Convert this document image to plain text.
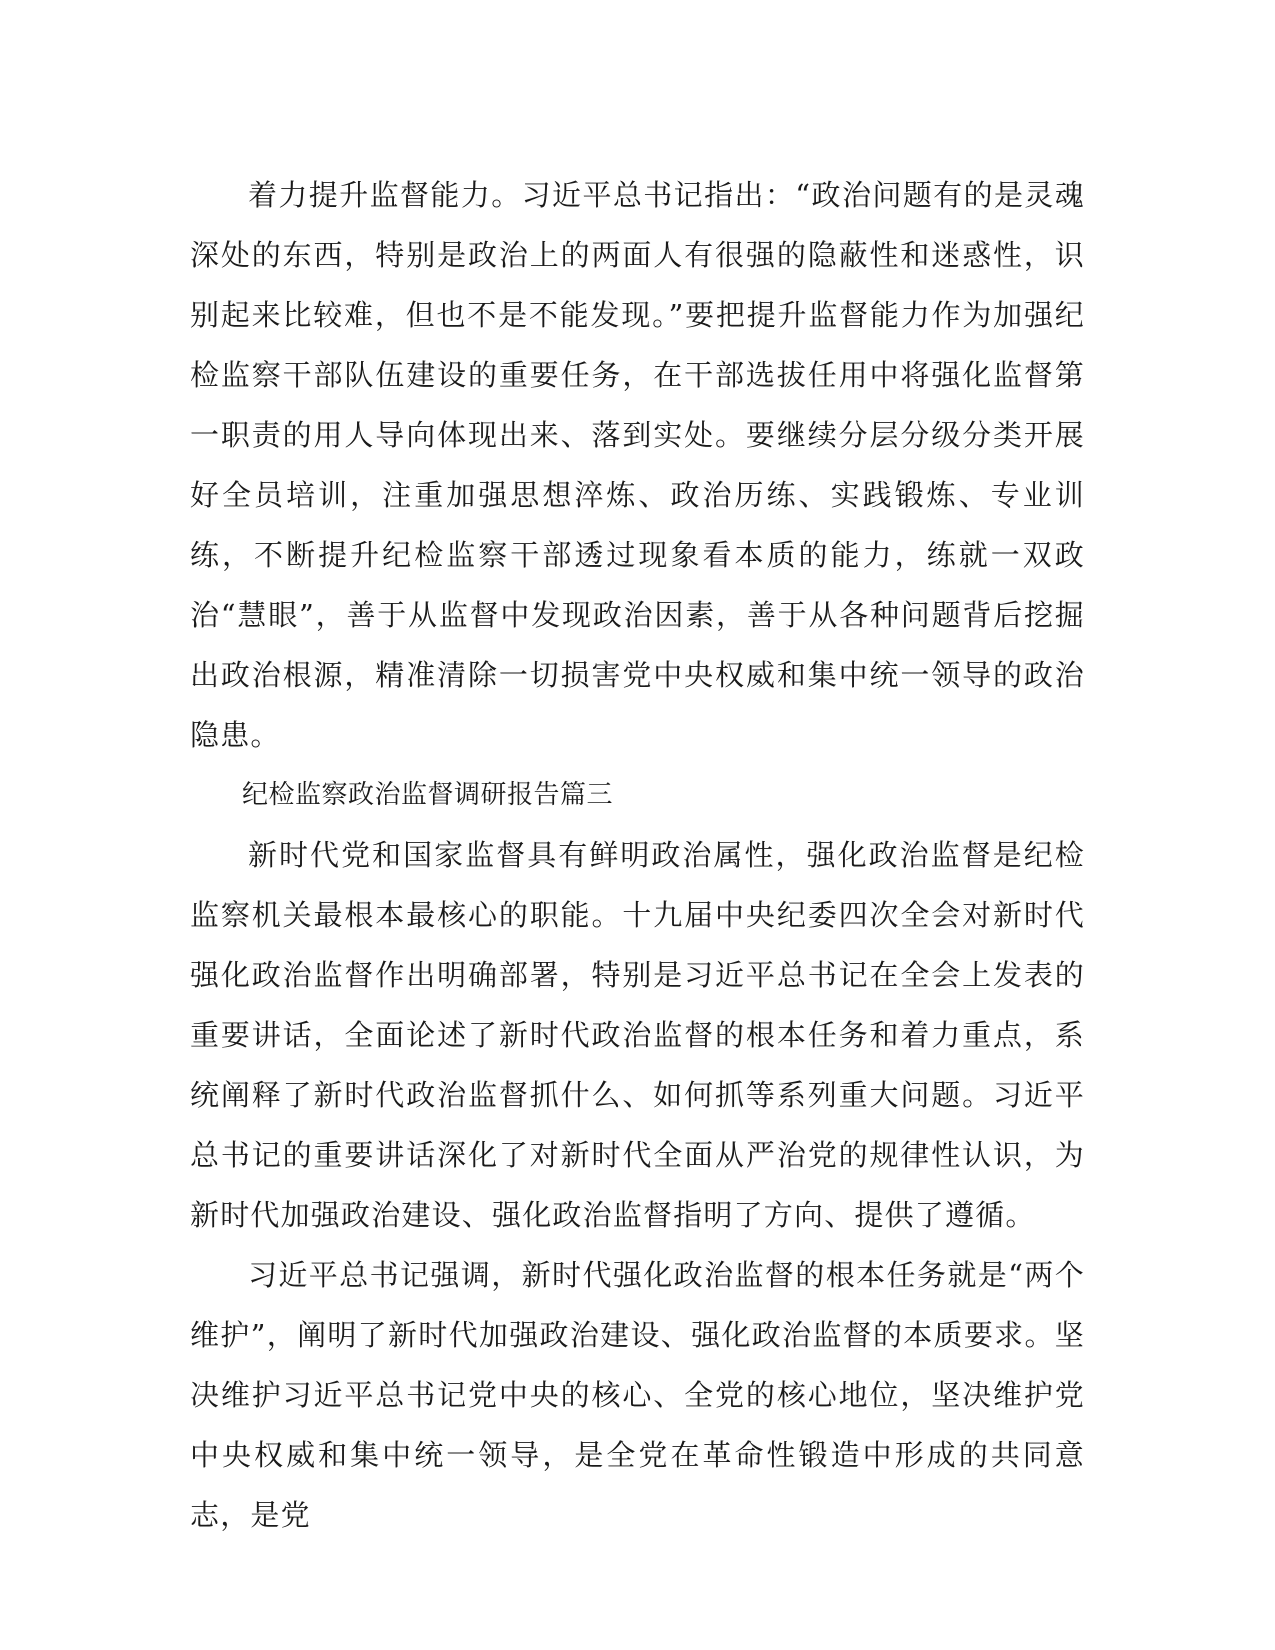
着力提升监督能力。习近平总书记指出：“政治问题有的是灵魂深处的东西，特别是政治上的两面人有很强的隐蔽性和迷惑性，识别起来比较难，但也不是不能发现。”要把提升监督能力作为加强纪检监察干部队伍建设的重要任务，在干部选拔任用中将强化监督第一职责的用人导向体现出来、落到实处。要继续分层分级分类开展好全员培训，注重加强思想淬炼、政治历练、实践锻炼、专业训练，不断提升纪检监察干部透过现象看本质的能力，练就一双政治“慧眼”，善于从监督中发现政治因素，善于从各种问题背后挖掘出政治根源，精准清除一切损害党中央权威和集中统一领导的政治隐患。

纪检监察政治监督调研报告篇三

新时代党和国家监督具有鲜明政治属性，强化政治监督是纪检监察机关最根本最核心的职能。十九届中央纪委四次全会对新时代强化政治监督作出明确部署，特别是习近平总书记在全会上发表的重要讲话，全面论述了新时代政治监督的根本任务和着力重点，系统阐释了新时代政治监督抓什么、如何抓等系列重大问题。习近平总书记的重要讲话深化了对新时代全面从严治党的规律性认识，为新时代加强政治建设、强化政治监督指明了方向、提供了遵循。

习近平总书记强调，新时代强化政治监督的根本任务就是“两个维护”，阐明了新时代加强政治建设、强化政治监督的本质要求。坚决维护习近平总书记党中央的核心、全党的核心地位，坚决维护党中央权威和集中统一领导，是全党在革命性锻造中形成的共同意志，是党
